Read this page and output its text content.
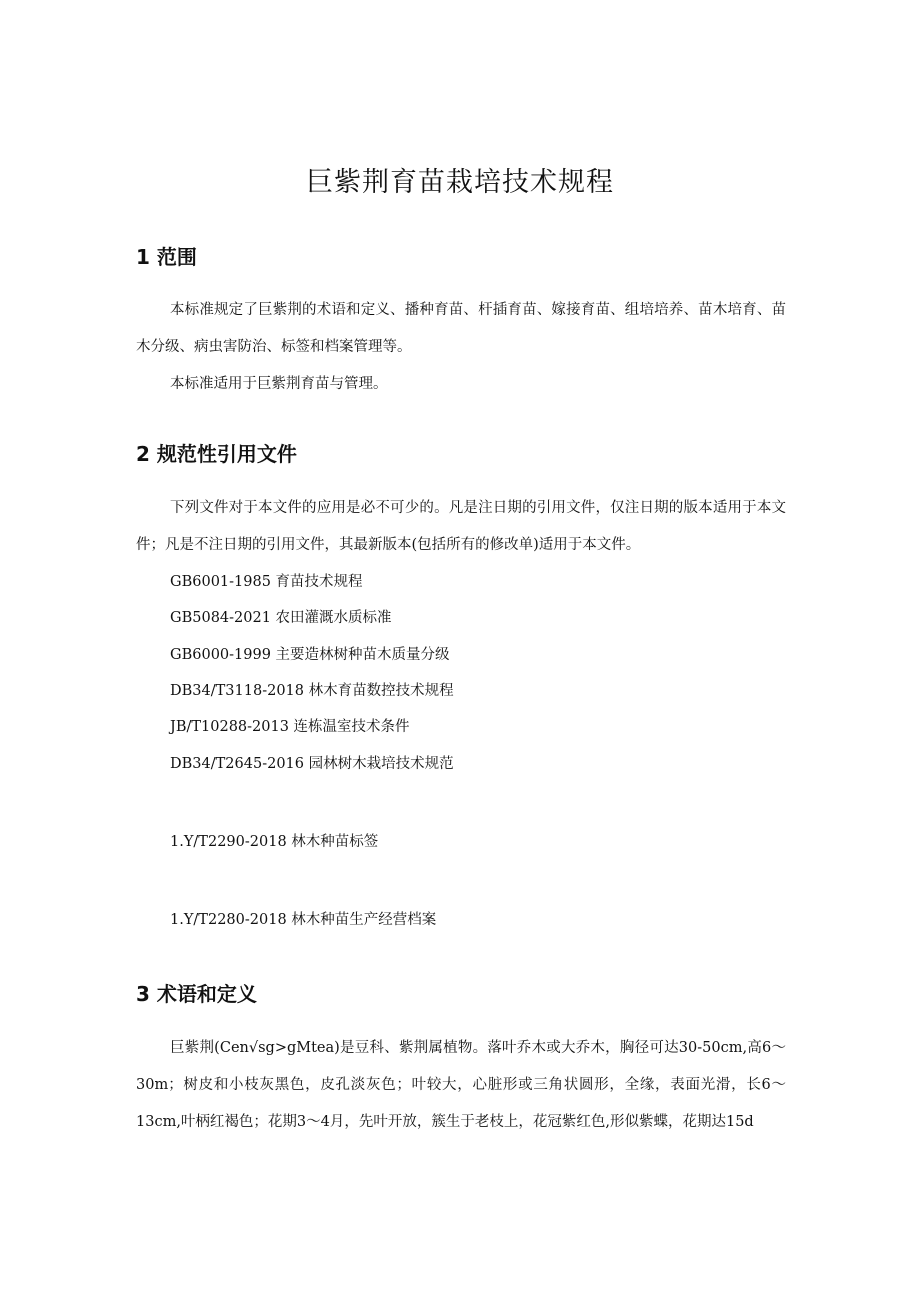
巨紫荆育苗栽培技术规程
1 范围

本标准规定了巨紫荆的术语和定义、播种育苗、杆插育苗、嫁接育苗、组培培养、苗木培育、苗木分级、病虫害防治、标签和档案管理等。

本标准适用于巨紫荆育苗与管理。

2 规范性引用文件

下列文件对于本文件的应用是必不可少的。凡是注日期的引用文件，仅注日期的版本适用于本文件；凡是不注日期的引用文件，其最新版本(包括所有的修改单)适用于本文件。

GB6001-1985 育苗技术规程

GB5084-2021 农田灌溉水质标准

GB6000-1999 主要造林树种苗木质量分级

DB34/T3118-2018 林木育苗数控技术规程

JB/T10288-2013 连栋温室技术条件

DB34/T2645-2016 园林树木栽培技术规范

1.Y/T2290-2018 林木种苗标签

1.Y/T2280-2018 林木种苗生产经营档案

3 术语和定义

巨紫荆(Cen√sg>gMtea)是豆科、紫荆属植物。落叶乔木或大乔木，胸径可达30-50cm,高6～30m；树皮和小枝灰黑色，皮孔淡灰色；叶较大，心脏形或三角状圆形，全缘，表面光滑，长6～13cm,叶柄红褐色；花期3～4月，先叶开放，簇生于老枝上，花冠紫红色,形似紫蝶，花期达15d
